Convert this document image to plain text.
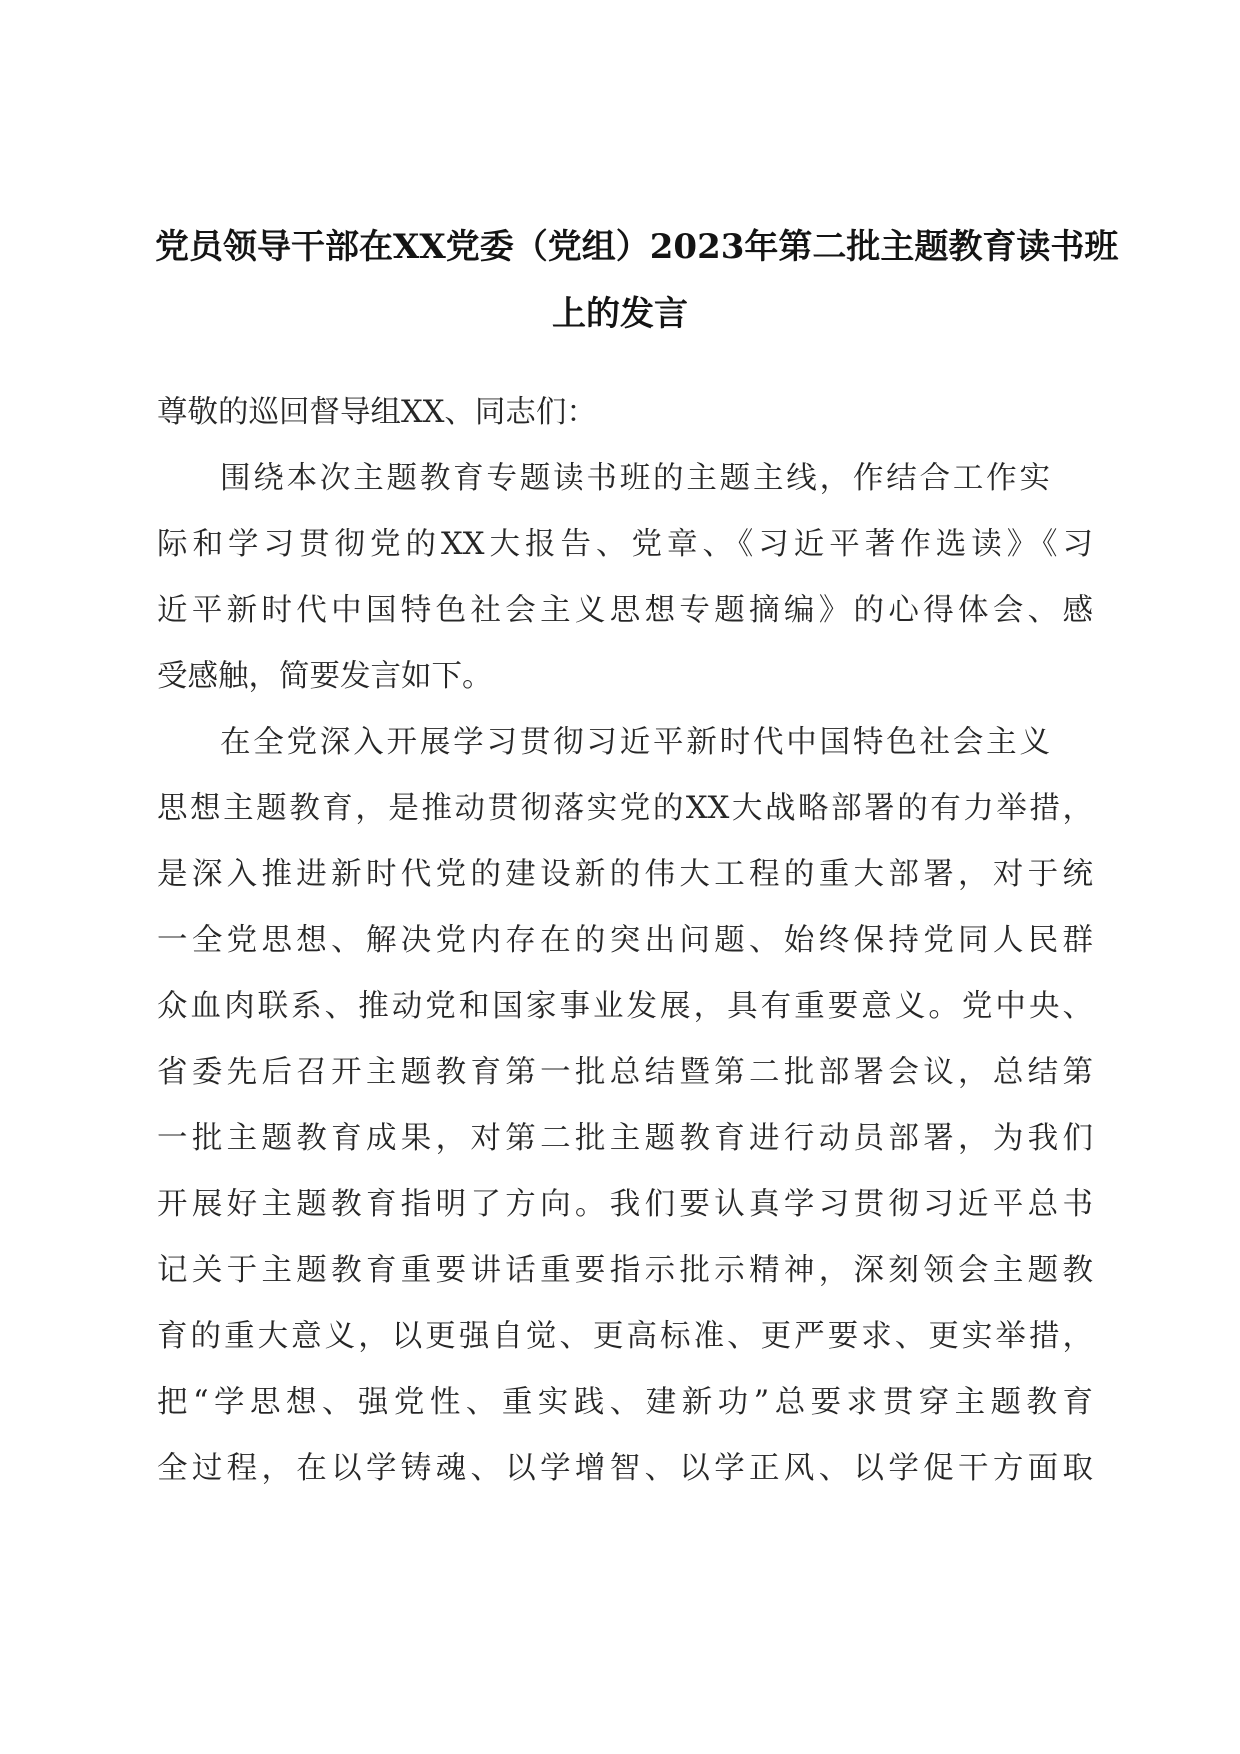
党员领导干部在XX党委（党组）2023年第二批主题教育读书班
上的发言
尊敬的巡回督导组XX、同志们：
围绕本次主题教育专题读书班的主题主线，作结合工作实
际和学习贯彻党的XX大报告、党章、《习近平著作选读》《习
近平新时代中国特色社会主义思想专题摘编》的心得体会、感
受感触，简要发言如下。
在全党深入开展学习贯彻习近平新时代中国特色社会主义
思想主题教育，是推动贯彻落实党的XX大战略部署的有力举措，
是深入推进新时代党的建设新的伟大工程的重大部署，对于统
一全党思想、解决党内存在的突出问题、始终保持党同人民群
众血肉联系、推动党和国家事业发展，具有重要意义。党中央、
省委先后召开主题教育第一批总结暨第二批部署会议，总结第
一批主题教育成果，对第二批主题教育进行动员部署，为我们
开展好主题教育指明了方向。我们要认真学习贯彻习近平总书
记关于主题教育重要讲话重要指示批示精神，深刻领会主题教
育的重大意义，以更强自觉、更高标准、更严要求、更实举措，
把“学思想、强党性、重实践、建新功”总要求贯穿主题教育
全过程，在以学铸魂、以学增智、以学正风、以学促干方面取
